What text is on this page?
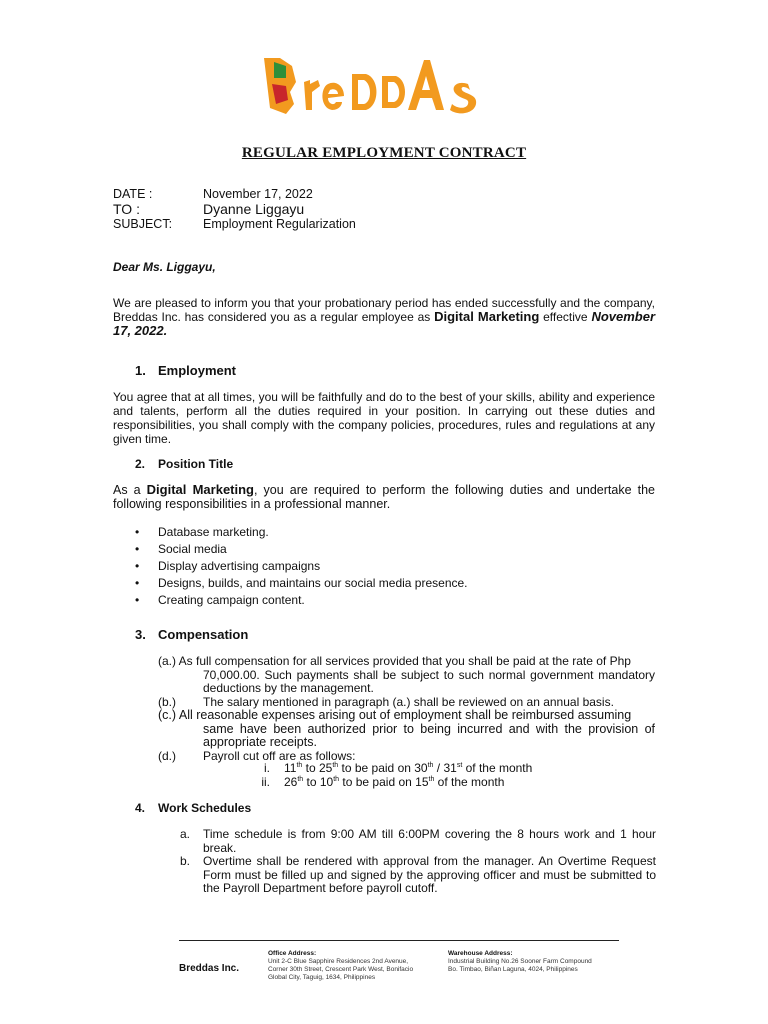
REGULAR EMPLOYMENT CONTRACT
DATE :	November 17, 2022
TO :	Dyanne Liggayu
SUBJECT:	Employment Regularization
Dear Ms. Liggayu,
We are pleased to inform you that your probationary period has ended successfully and the company, Breddas Inc. has considered you as a regular employee as Digital Marketing effective November 17, 2022.
1. Employment
You agree that at all times, you will be faithfully and do to the best of your skills, ability and experience and talents, perform all the duties required in your position. In carrying out these duties and responsibilities, you shall comply with the company policies, procedures, rules and regulations at any given time.
2. Position Title
As a Digital Marketing, you are required to perform the following duties and undertake the following responsibilities in a professional manner.
• Database marketing.
• Social media
• Display advertising campaigns
• Designs, builds, and maintains our social media presence.
• Creating campaign content.
3. Compensation
(a.) As full compensation for all services provided that you shall be paid at the rate of Php
70,000.00. Such payments shall be subject to such normal government mandatory deductions by the management.
(b.) The salary mentioned in paragraph (a.) shall be reviewed on an annual basis.
(c.) All reasonable expenses arising out of employment shall be reimbursed assuming
same have been authorized prior to being incurred and with the provision of appropriate receipts.
(d.) Payroll cut off are as follows:
i. 11th to 25th to be paid on 30th / 31st of the month
ii. 26th to 10th to be paid on 15th of the month
4. Work Schedules
a.	Time schedule is from 9:00 AM till 6:00PM covering the 8 hours work and 1 hour break.
b.	Overtime shall be rendered with approval from the manager. An Overtime Request Form must be filled up and signed by the approving officer and must be submitted to the Payroll Department before payroll cutoff.
Breddas Inc.
Office Address:
Unit 2-C Blue Sapphire Residences 2nd Avenue,
Corner 30th Street, Crescent Park West, Bonifacio
Global City, Taguig, 1634, Philippines
Warehouse Address:
Industrial Building No.26 Sooner Farm Compound
Bo. Timbao, Biñan Laguna, 4024, Philippines
